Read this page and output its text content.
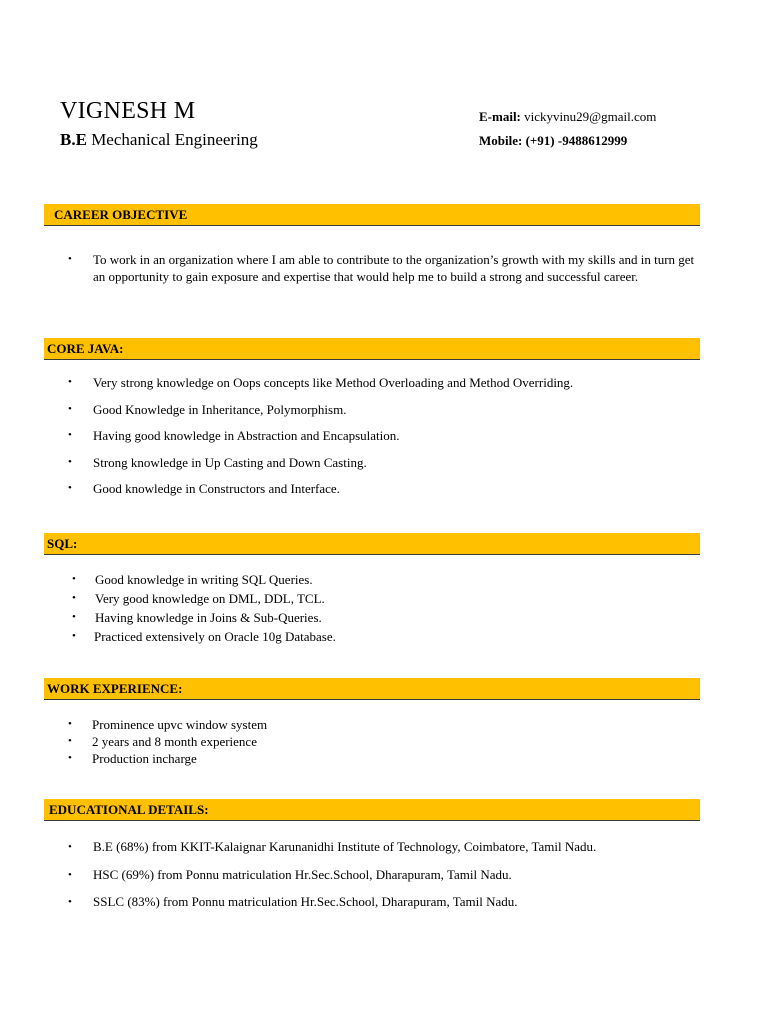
VIGNESH M
B.E Mechanical Engineering
E-mail: vickyvinu29@gmail.com
Mobile: (+91) -9488612999
CAREER OBJECTIVE
• To work in an organization where I am able to contribute to the organization’s growth with my skills and in turn get an opportunity to gain exposure and expertise that would help me to build a strong and successful career.
CORE JAVA:
• Very strong knowledge on Oops concepts like Method Overloading and Method Overriding.
• Good Knowledge in Inheritance, Polymorphism.
• Having good knowledge in Abstraction and Encapsulation.
• Strong knowledge in Up Casting and Down Casting.
• Good knowledge in Constructors and Interface.
SQL:
• Good knowledge in writing SQL Queries.
• Very good knowledge on DML, DDL, TCL.
• Having knowledge in Joins & Sub-Queries.
• Practiced extensively on Oracle 10g Database.
WORK EXPERIENCE:
• Prominence upvc window system
• 2 years and 8 month experience
• Production incharge
EDUCATIONAL DETAILS:
• B.E (68%) from KKIT-Kalaignar Karunanidhi Institute of Technology, Coimbatore, Tamil Nadu.
• HSC (69%) from Ponnu matriculation Hr.Sec.School, Dharapuram, Tamil Nadu.
• SSLC (83%) from Ponnu matriculation Hr.Sec.School, Dharapuram, Tamil Nadu.
